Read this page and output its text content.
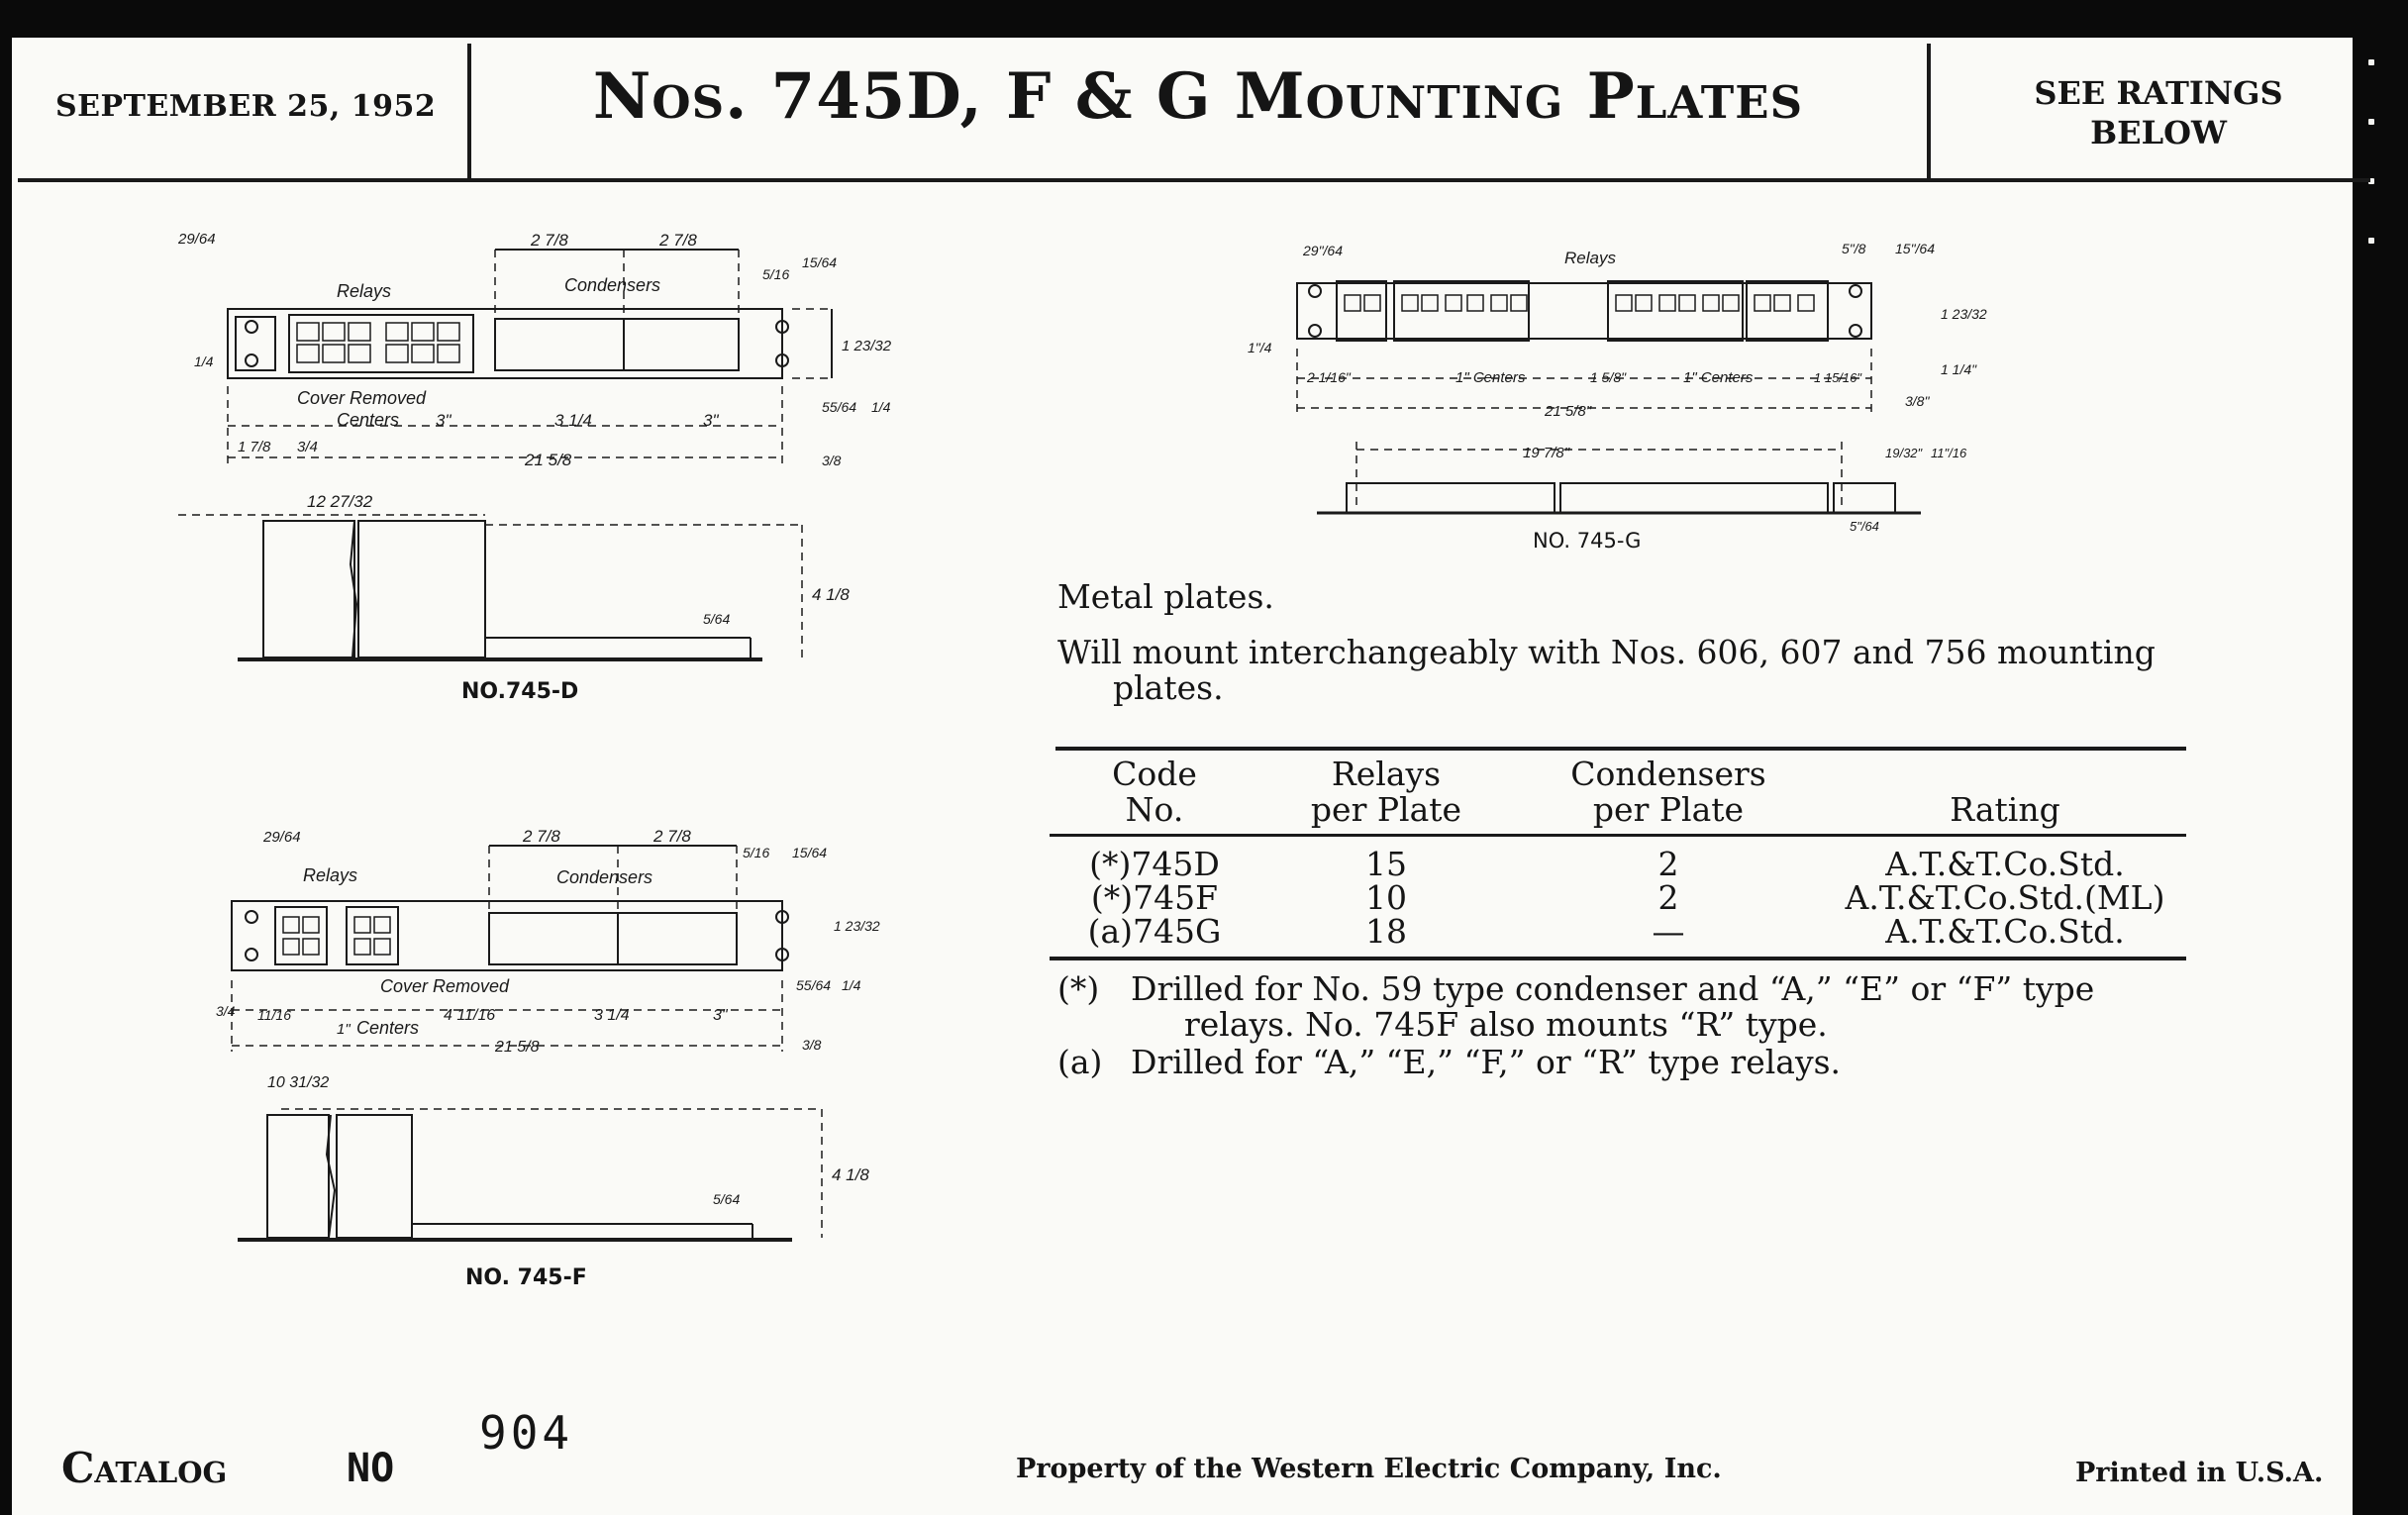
SEPTEMBER 25, 1952	Nos. 745D, F & G Mounting Plates	SEE RATINGS
BELOW
Relays	Condensers
Cover Removed
Centers
29/64	2 7/8	2 7/8
5/16
15/64
1 23/32
55/64 1/4
3/8
1/4
1 7/8 3/4
3"	3 1/4	3"
21 5/8
12 27/32
5/64
4 1/8
NO.745-D
Relays	Condensers
Cover Removed
Centers
1"
29/64	2 7/8	2 7/8
5/16 15/64
1 23/32
55/64 1/4
3/8
3/4 11/16	4 11/16	3 1/4	3"
21 5/8
10 31/32
5/64
4 1/8
NO. 745-F
Relays
1" Centers	1" Centers
29"/64	5"/8 15"/64
1 23/32
1 1/4"
3/8"
1"/4
2 1/16"	1 5/8"	1 15/16"
21 5/8"
19 7/8"	19/32" 11"/16
5"/64
NO. 745-G
Metal plates.
Will mount interchangeably with Nos. 606, 607 and 756 mounting
plates.
Code
No.
Relays
per Plate
Condensers
per Plate	Rating
(*)745D	15	2	A.T.&T.Co.Std.
(*)745F	10	2	A.T.&T.Co.Std.(ML)
(a)745G	18	—	A.T.&T.Co.Std.
(*) Drilled for No. 59 type condenser and “A,” “E” or “F” type
relays. No. 745F also mounts “R” type.
(a) Drilled for “A,” “E,” “F,” or “R” type relays.
Catalog	NO
904
Property of the Western Electric Company, Inc.	Printed in U.S.A.
